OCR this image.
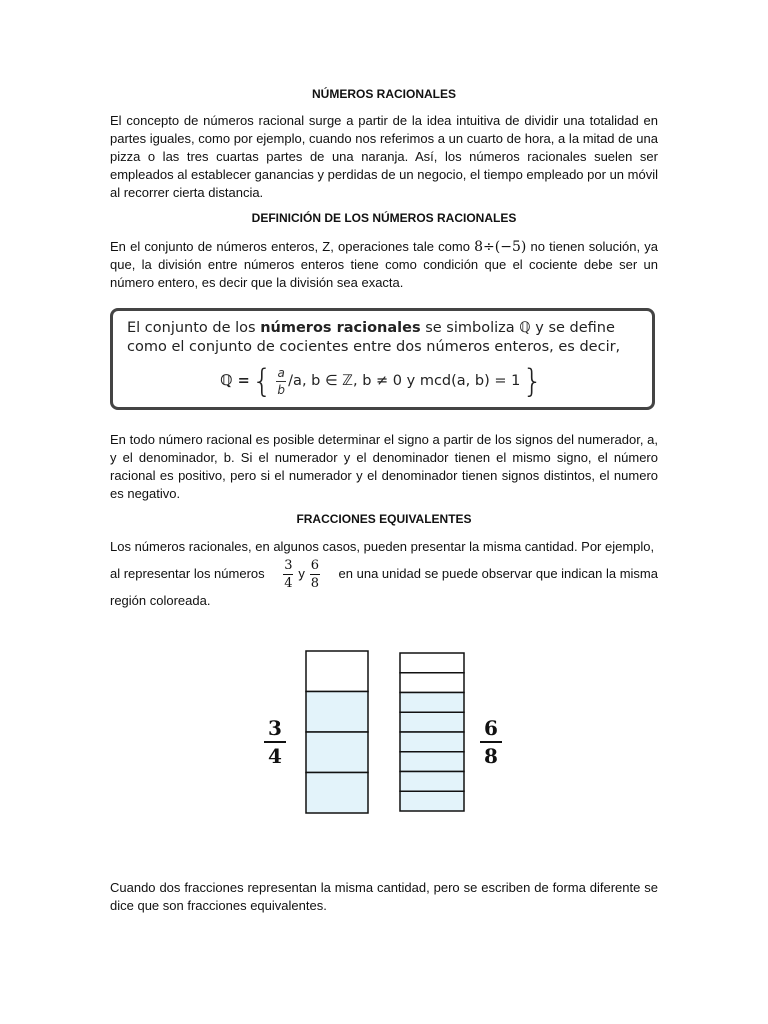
NÚMEROS RACIONALES

El concepto de números racional surge a partir de la idea intuitiva de dividir una totalidad en partes iguales, como por ejemplo, cuando nos referimos a un cuarto de hora, a la mitad de una pizza o las tres cuartas partes de una naranja. Así, los números racionales suelen ser empleados al establecer ganancias y perdidas de un negocio, el tiempo empleado por un móvil al recorrer cierta distancia.

DEFINICIÓN DE LOS NÚMEROS RACIONALES

En el conjunto de números enteros, Z, operaciones tale como 8÷(−5) no tienen solución, ya que, la división entre números enteros tiene como condición que el cociente debe ser un número entero, es decir que la división sea exacta.

El conjunto de los números racionales se simboliza ℚ y se define como el conjunto de cocientes entre dos números enteros, es decir,
ℚ = { $\frac{a}{b} /a$, b ∈ ℤ, b ≠ 0 y mcd(a, b) = 1 }

En todo número racional es posible determinar el signo a partir de los signos del numerador, a, y el denominador, b. Si el numerador y el denominador tienen el mismo signo, el número racional es positivo, pero si el numerador y el denominador tienen signos distintos, el numero es negativo.

FRACCIONES EQUIVALENTES

Los números racionales, en algunos casos, pueden presentar la misma cantidad. Por ejemplo,

al representar los números
3
4
y
6
8
en una unidad se puede observar que indican la misma

región coloreada.

Cuando dos fracciones representan la misma cantidad, pero se escriben de forma diferente se dice que son fracciones equivalentes.

3
4
6
8
